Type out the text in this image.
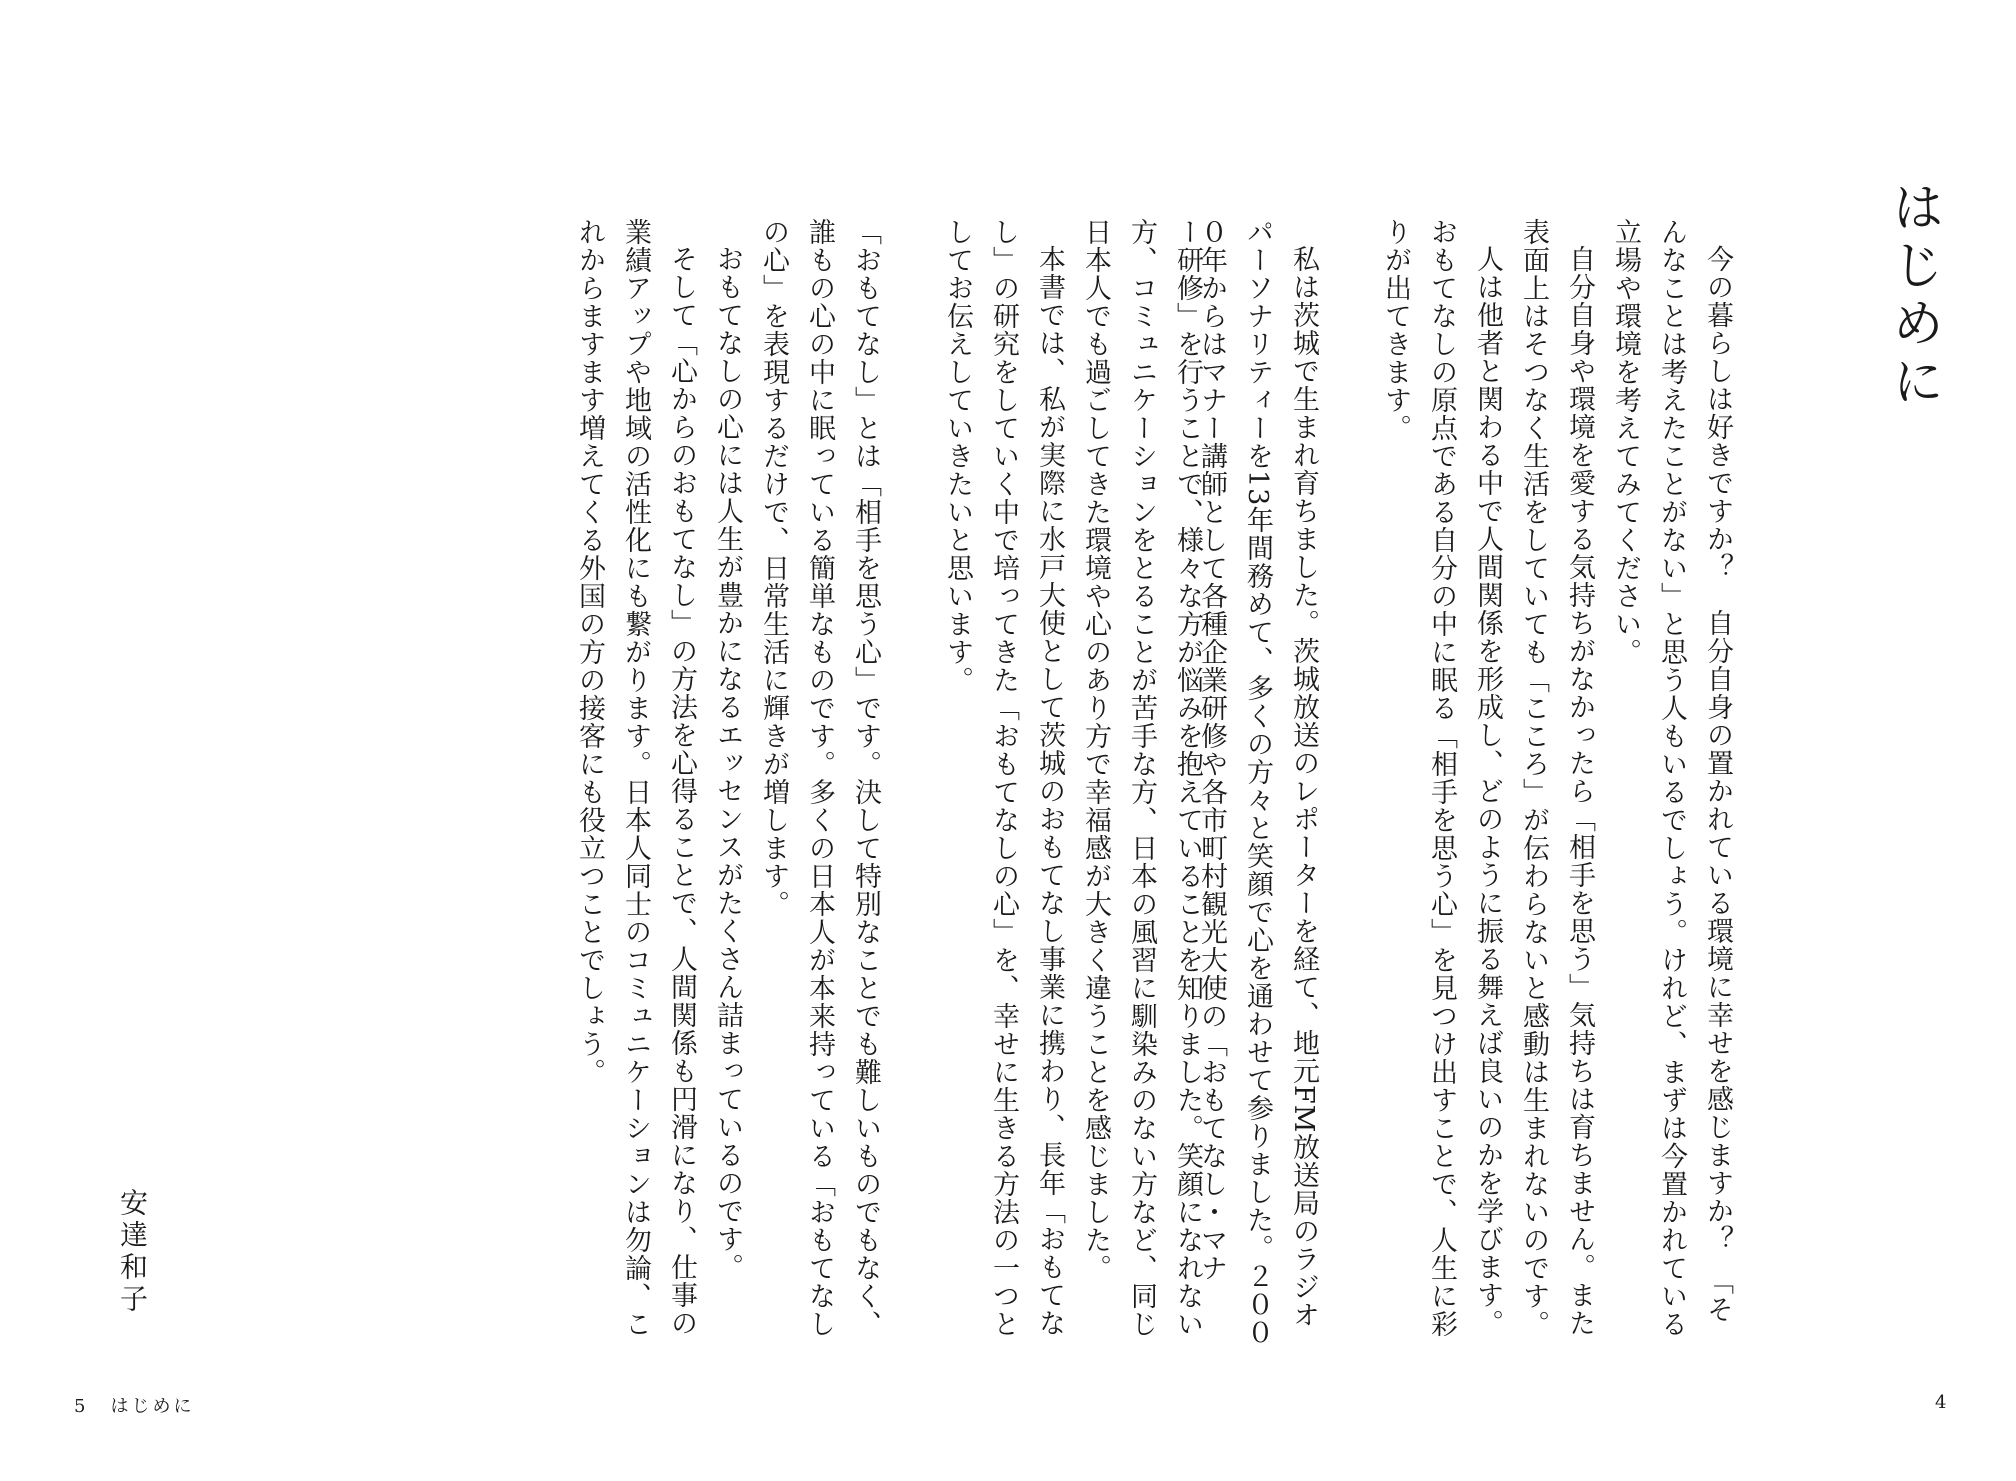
はじめに

今の暮らしは好きですか？　自分自身の置かれている環境に幸せを感じますか？　「そんなことは考えたことがない」と思う人もいるでしょう。けれど、まずは今置かれている立場や環境を考えてみてください。

自分自身や環境を愛する気持ちがなかったら「相手を思う」気持ちは育ちません。また表面上はそつなく生活をしていても「こころ」が伝わらないと感動は生まれないのです。

人は他者と関わる中で人間関係を形成し、どのように振る舞えば良いのかを学びます。おもてなしの原点である自分の中に眠る「相手を思う心」を見つけ出すことで、人生に彩りが出てきます。

私は茨城で生まれ育ちました。茨城放送のレポーターを経て、地元FM放送局のラジオパーソナリティーを13年間務めて、多くの方々と笑顔で心を通わせて参りました。２０００年からはマナー講師として各種企業研修や各市町村観光大使の「おもてなし・マナ

ー研修」を行うことで、様々な方が悩みを抱えていることを知りました。笑顔になれない方、コミュニケーションをとることが苦手な方、日本の風習に馴染みのない方など、同じ日本人でも過ごしてきた環境や心のあり方で幸福感が大きく違うことを感じました。

本書では、私が実際に水戸大使として茨城のおもてなし事業に携わり、長年「おもてなし」の研究をしていく中で培ってきた「おもてなしの心」を、幸せに生きる方法の一つとしてお伝えしていきたいと思います。

「おもてなし」とは「相手を思う心」です。決して特別なことでも難しいものでもなく、誰もの心の中に眠っている簡単なものです。多くの日本人が本来持っている「おもてなしの心」を表現するだけで、日常生活に輝きが増します。

おもてなしの心には人生が豊かになるエッセンスがたくさん詰まっているのです。

そして「心からのおもてなし」の方法を心得ることで、人間関係も円滑になり、仕事の業績アップや地域の活性化にも繋がります。日本人同士のコミュニケーションは勿論、これからますます増えてくる外国の方の接客にも役立つことでしょう。

安達和子
5 はじめに	4
